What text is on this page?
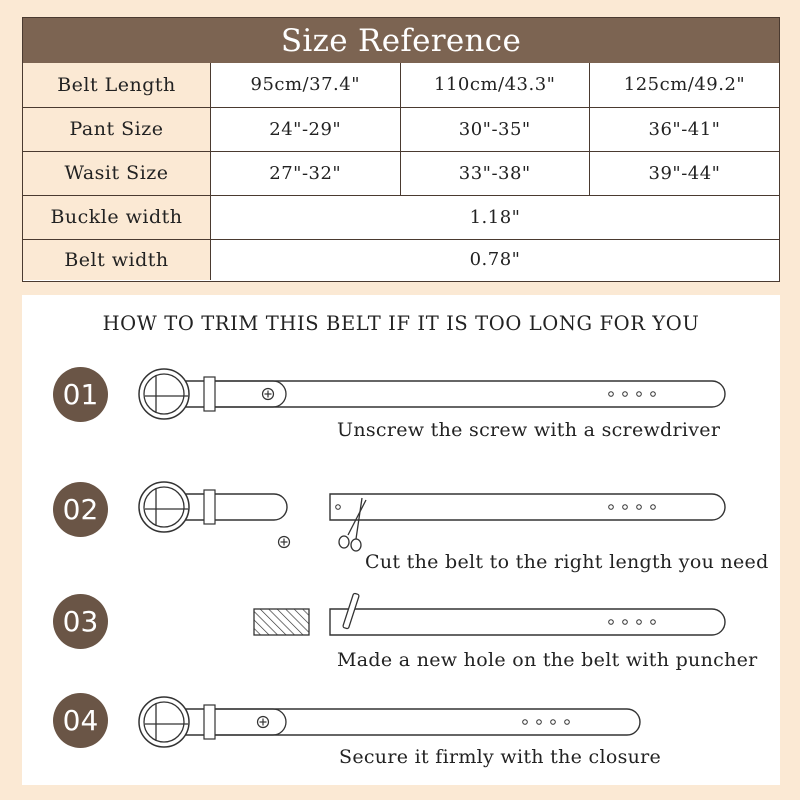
Size Reference
Belt Length	95cm/37.4"	110cm/43.3"	125cm/49.2"
Pant Size	24"-29"	30"-35"	36"-41"
Wasit Size	27"-32"	33"-38"	39"-44"
Buckle width	1.18"		
Belt width	0.78"		
HOW TO TRIM THIS BELT IF IT IS TOO LONG FOR YOU
01
02
03
04
Unscrew the screw with a screwdriver
Cut the belt to the right length you need
Made a new hole on the belt with puncher
Secure it firmly with the closure
